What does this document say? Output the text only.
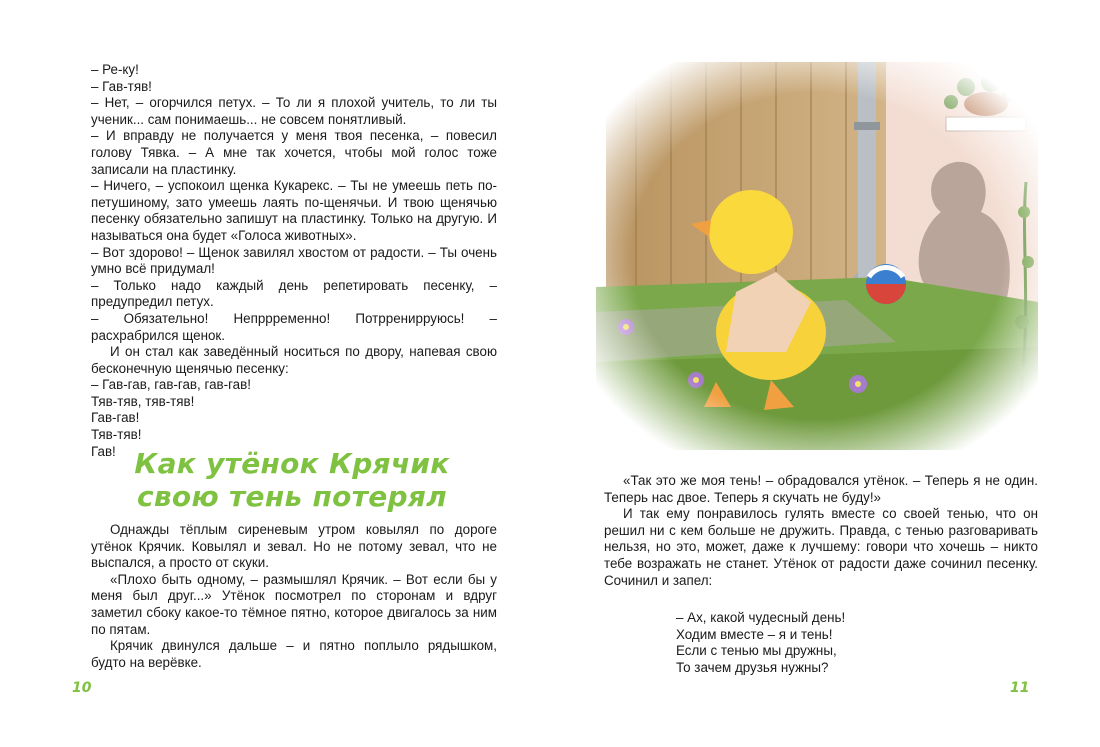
– Ре-ку!

– Гав-тяв!

– Нет, – огорчился петух. – То ли я плохой учитель, то ли ты ученик... сам понимаешь... не совсем понятливый.

– И вправду не получается у меня твоя песенка, – повесил голову Тявка. – А мне так хочется, чтобы мой голос тоже записали на пластинку.

– Ничего, – успокоил щенка Кукарекс. – Ты не умеешь петь по-петушиному, зато умеешь лаять по-щенячьи. И твою щенячью песенку обязательно запишут на пластинку. Только на другую. И называться она будет «Голоса животных».

– Вот здорово! – Щенок завилял хвостом от радости. – Ты очень умно всё придумал!

– Только надо каждый день репетировать песенку, – предупредил петух.

– Обязательно! Непррременно! Потрренирруюсь! – расхрабрился щенок.

И он стал как заведённый носиться по двору, напевая свою бесконечную щенячью песенку:

– Гав-гав, гав-гав, гав-гав!

Тяв-тяв, тяв-тяв!

Гав-гав!

Тяв-тяв!

Гав! Как утёнок Крячик
свою тень потерял

Однажды тёплым сиреневым утром ковылял по дороге утёнок Крячик. Ковылял и зевал. Но не потому зевал, что не выспался, а просто от скуки.

«Плохо быть одному, – размышлял Крячик. – Вот если бы у меня был друг...» Утёнок посмотрел по сторонам и вдруг заметил сбоку какое-то тёмное пятно, которое двигалось за ним по пятам.

Крячик двинулся дальше – и пятно поплыло рядышком, будто на верёвке.

10

«Так это же моя тень! – обрадовался утёнок. – Теперь я не один. Теперь нас двое. Теперь я скучать не буду!»

И так ему понравилось гулять вместе со своей тенью, что он решил ни с кем больше не дружить. Правда, с тенью разговаривать нельзя, но это, может, даже к лучшему: говори что хочешь – никто тебе возражать не станет. Утёнок от радости даже сочинил песенку. Сочинил и запел:

– Ах, какой чудесный день!
Ходим вместе – я и тень!
Если с тенью мы дружны,
То зачем друзья нужны?
11
